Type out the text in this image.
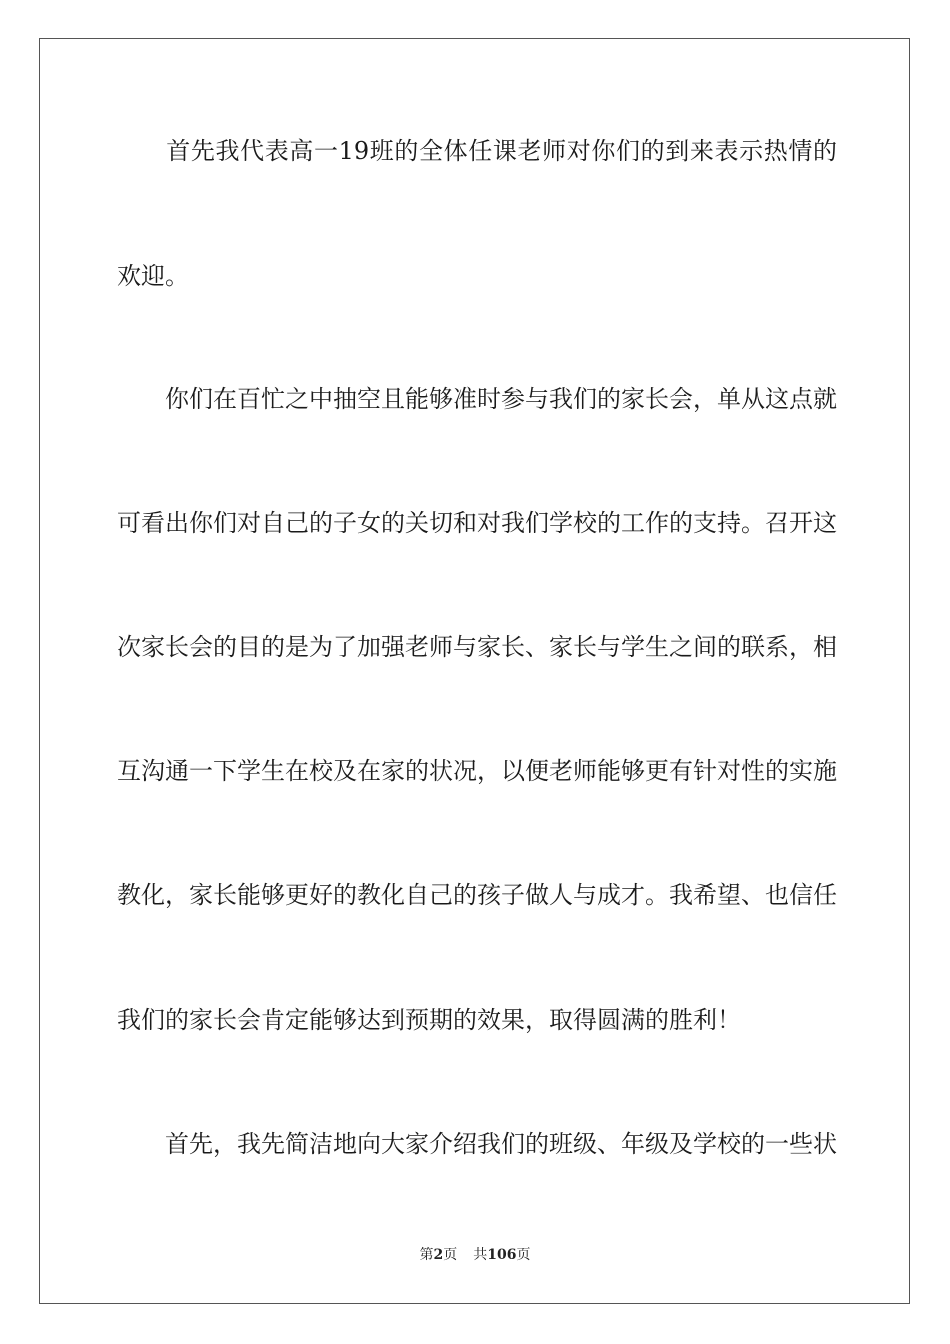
　　首先我代表高一19班的全体任课老师对你们的到来表示热情的
欢迎。
　　你们在百忙之中抽空且能够准时参与我们的家长会，单从这点就
可看出你们对自己的子女的关切和对我们学校的工作的支持。召开这
次家长会的目的是为了加强老师与家长、家长与学生之间的联系，相
互沟通一下学生在校及在家的状况，以便老师能够更有针对性的实施
教化，家长能够更好的教化自己的孩子做人与成才。我希望、也信任
我们的家长会肯定能够达到预期的效果，取得圆满的胜利！
　　首先，我先简洁地向大家介绍我们的班级、年级及学校的一些状
第2页 共106页
